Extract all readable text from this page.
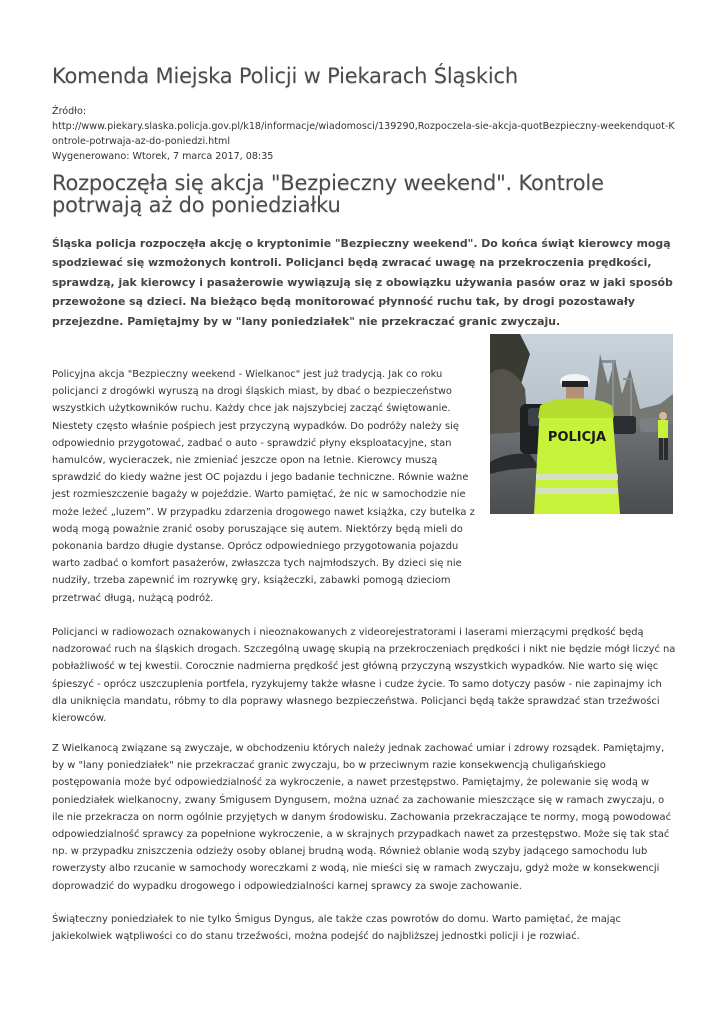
Komenda Miejska Policji w Piekarach Śląskich
Źródło:
http://www.piekary.slaska.policja.gov.pl/k18/informacje/wiadomosci/139290,Rozpoczela-sie-akcja-quotBezpieczny-weekendquot-Kontrole-potrwaja-az-do-poniedzi.html
Wygenerowano: Wtorek, 7 marca 2017, 08:35
Rozpoczęła się akcja "Bezpieczny weekend". Kontrole potrwają aż do poniedziałku

Śląska policja rozpoczęła akcję o kryptonimie "Bezpieczny weekend". Do końca świąt kierowcy mogą spodziewać się wzmożonych kontroli. Policjanci będą zwracać uwagę na przekroczenia prędkości, sprawdzą, jak kierowcy i pasażerowie wywiązują się z obowiązku używania pasów oraz w jaki sposób przewożone są dzieci. Na bieżąco będą monitorować płynność ruchu tak, by drogi pozostawały przejezdne. Pamiętajmy by w "lany poniedziałek" nie przekraczać granic zwyczaju.

POLICJA

Policyjna akcja "Bezpieczny weekend - Wielkanoc" jest już tradycją. Jak co roku policjanci z drogówki wyruszą na drogi śląskich miast, by dbać o bezpieczeństwo wszystkich użytkowników ruchu. Każdy chce jak najszybciej zacząć świętowanie. Niestety często właśnie pośpiech jest przyczyną wypadków. Do podróży należy się odpowiednio przygotować, zadbać o auto - sprawdzić płyny eksploatacyjne, stan hamulców, wycieraczek, nie zmieniać jeszcze opon na letnie. Kierowcy muszą sprawdzić do kiedy ważne jest OC pojazdu i jego badanie techniczne. Równie ważne jest rozmieszczenie bagaży w pojeździe. Warto pamiętać, że nic w samochodzie nie może leżeć „luzem”. W przypadku zdarzenia drogowego nawet książka, czy butelka z wodą mogą poważnie zranić osoby poruszające się autem. Niektórzy będą mieli do pokonania bardzo długie dystanse. Oprócz odpowiedniego przygotowania pojazdu warto zadbać o komfort pasażerów, zwłaszcza tych najmłodszych. By dzieci się nie nudziły, trzeba zapewnić im rozrywkę gry, książeczki, zabawki pomogą dzieciom przetrwać długą, nużącą podróż.

Policjanci w radiowozach oznakowanych i nieoznakowanych z videorejestratorami i laserami mierzącymi prędkość będą nadzorować ruch na śląskich drogach. Szczególną uwagę skupią na przekroczeniach prędkości i nikt nie będzie mógł liczyć na pobłażliwość w tej kwestii. Corocznie nadmierna prędkość jest główną przyczyną wszystkich wypadków. Nie warto się więc śpieszyć - oprócz uszczuplenia portfela, ryzykujemy także własne i cudze życie. To samo dotyczy pasów - nie zapinajmy ich dla uniknięcia mandatu, róbmy to dla poprawy własnego bezpieczeństwa. Policjanci będą także sprawdzać stan trzeźwości kierowców.

Z Wielkanocą związane są zwyczaje, w obchodzeniu których należy jednak zachować umiar i zdrowy rozsądek. Pamiętajmy, by w "lany poniedziałek" nie przekraczać granic zwyczaju, bo w przeciwnym razie konsekwencją chuligańskiego postępowania może być odpowiedzialność za wykroczenie, a nawet przestępstwo. Pamiętajmy, że polewanie się wodą w poniedziałek wielkanocny, zwany Śmigusem Dyngusem, można uznać za zachowanie mieszczące się w ramach zwyczaju, o ile nie przekracza on norm ogólnie przyjętych w danym środowisku. Zachowania przekraczające te normy, mogą powodować odpowiedzialność sprawcy za popełnione wykroczenie, a w skrajnych przypadkach nawet za przestępstwo. Może się tak stać np. w przypadku zniszczenia odzieży osoby oblanej brudną wodą. Również oblanie wodą szyby jadącego samochodu lub rowerzysty albo rzucanie w samochody woreczkami z wodą, nie mieści się w ramach zwyczaju, gdyż może w konsekwencji doprowadzić do wypadku drogowego i odpowiedzialności karnej sprawcy za swoje zachowanie.

Świąteczny poniedziałek to nie tylko Śmigus Dyngus, ale także czas powrotów do domu. Warto pamiętać, że mając jakiekolwiek wątpliwości co do stanu trzeźwości, można podejść do najbliższej jednostki policji i je rozwiać.
